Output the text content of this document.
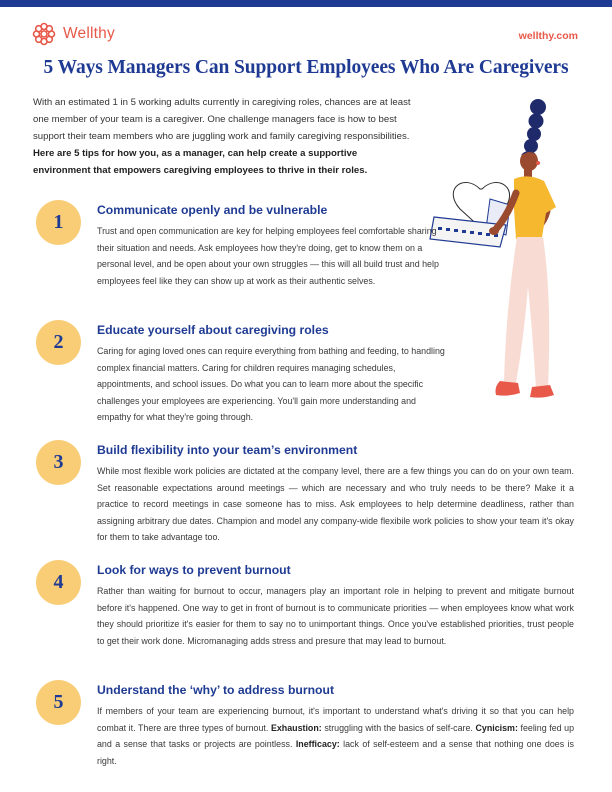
Wellthy	wellthy.com
5 Ways Managers Can Support Employees Who Are Caregivers
With an estimated 1 in 5 working adults currently in caregiving roles, chances are at least one member of your team is a caregiver. One challenge managers face is how to best support their team members who are juggling work and family caregiving responsibilities. Here are 5 tips for how you, as a manager, can help create a supportive environment that empowers caregiving employees to thrive in their roles.
1
Communicate openly and be vulnerable
Trust and open communication are key for helping employees feel comfortable sharing their situation and needs. Ask employees how they're doing, get to know them on a personal level, and be open about your own struggles — this will all build trust and help employees feel like they can show up at work as their authentic selves.
2
Educate yourself about caregiving roles
Caring for aging loved ones can require everything from bathing and feeding, to handling complex financial matters. Caring for children requires managing schedules, appointments, and school issues. Do what you can to learn more about the specific challenges your employees are experiencing. You'll gain more understanding and empathy for what they're going through.
3
Build flexibility into your team’s environment
While most flexible work policies are dictated at the company level, there are a few things you can do on your own team. Set reasonable expectations around meetings — which are necessary and who truly needs to be there? Make it a practice to record meetings in case someone has to miss. Ask employees to help determine deadliness, rather than assigning arbitrary due dates. Champion and model any company-wide flexibile work policies to show your team it's okay for them to take advantage too.
4
Look for ways to prevent burnout
Rather than waiting for burnout to occur, managers play an important role in helping to prevent and mitigate burnout before it's happened. One way to get in front of burnout is to communicate priorities — when employees know what work they should prioritize it's easier for them to say no to unimportant things. Once you've established priorities, trust people to get their work done. Micromanaging adds stress and presure that may lead to burnout.
5
Understand the ‘why’ to address burnout
If members of your team are experiencing burnout, it's important to understand what's driving it so that you can help combat it. There are three types of burnout. Exhaustion: struggling with the basics of self-care. Cynicism: feeling fed up and a sense that tasks or projects are pointless. Inefficacy: lack of self-esteem and a sense that nothing one does is right.
